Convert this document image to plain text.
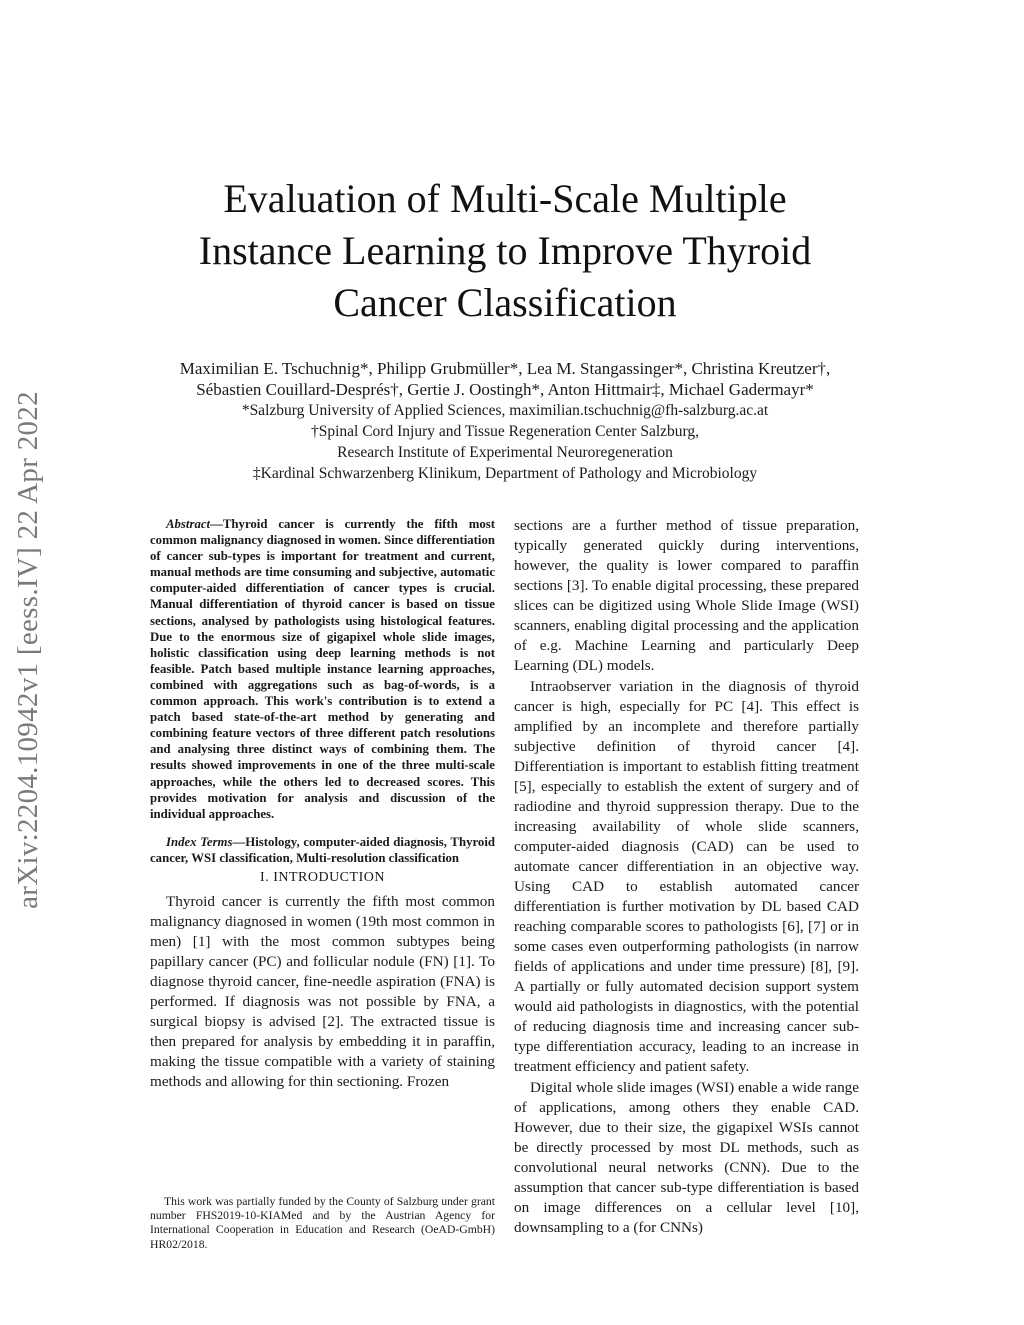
arXiv:2204.10942v1 [eess.IV] 22 Apr 2022
Evaluation of Multi-Scale Multiple
Instance Learning to Improve Thyroid
Cancer Classification
Maximilian E. Tschuchnig*, Philipp Grubmüller*, Lea M. Stangassinger*, Christina Kreutzer†,
Sébastien Couillard-Després†, Gertie J. Oostingh*, Anton Hittmair‡, Michael Gadermayr*
*Salzburg University of Applied Sciences, maximilian.tschuchnig@fh-salzburg.ac.at
†Spinal Cord Injury and Tissue Regeneration Center Salzburg,
Research Institute of Experimental Neuroregeneration
‡Kardinal Schwarzenberg Klinikum, Department of Pathology and Microbiology

Abstract—Thyroid cancer is currently the fifth most common malignancy diagnosed in women. Since differentiation of cancer sub-types is important for treatment and current, manual methods are time consuming and subjective, automatic computer-aided differentiation of cancer types is crucial. Manual differentiation of thyroid cancer is based on tissue sections, analysed by pathologists using histological features. Due to the enormous size of gigapixel whole slide images, holistic classification using deep learning methods is not feasible. Patch based multiple instance learning approaches, combined with aggregations such as bag-of-words, is a common approach. This work's contribution is to extend a patch based state-of-the-art method by generating and combining feature vectors of three different patch resolutions and analysing three distinct ways of combining them. The results showed improvements in one of the three multi-scale approaches, while the others led to decreased scores. This provides motivation for analysis and discussion of the individual approaches.

Index Terms—Histology, computer-aided diagnosis, Thyroid cancer, WSI classification, Multi-resolution classification

I. INTRODUCTION

Thyroid cancer is currently the fifth most common malignancy diagnosed in women (19th most common in men) [1] with the most common subtypes being papillary cancer (PC) and follicular nodule (FN) [1]. To diagnose thyroid cancer, fine-needle aspiration (FNA) is performed. If diagnosis was not possible by FNA, a surgical biopsy is advised [2]. The extracted tissue is then prepared for analysis by embedding it in paraffin, making the tissue compatible with a variety of staining methods and allowing for thin sectioning. Frozen

This work was partially funded by the County of Salzburg under grant number FHS2019-10-KIAMed and by the Austrian Agency for International Cooperation in Education and Research (OeAD-GmbH) HR02/2018.

sections are a further method of tissue preparation, typically generated quickly during interventions, however, the quality is lower compared to paraffin sections [3]. To enable digital processing, these prepared slices can be digitized using Whole Slide Image (WSI) scanners, enabling digital processing and the application of e.g. Machine Learning and particularly Deep Learning (DL) models.

Intraobserver variation in the diagnosis of thyroid cancer is high, especially for PC [4]. This effect is amplified by an incomplete and therefore partially subjective definition of thyroid cancer [4]. Differentiation is important to establish fitting treatment [5], especially to establish the extent of surgery and of radiodine and thyroid suppression therapy. Due to the increasing availability of whole slide scanners, computer-aided diagnosis (CAD) can be used to automate cancer differentiation in an objective way. Using CAD to establish automated cancer differentiation is further motivation by DL based CAD reaching comparable scores to pathologists [6], [7] or in some cases even outperforming pathologists (in narrow fields of applications and under time pressure) [8], [9]. A partially or fully automated decision support system would aid pathologists in diagnostics, with the potential of reducing diagnosis time and increasing cancer sub-type differentiation accuracy, leading to an increase in treatment efficiency and patient safety.

Digital whole slide images (WSI) enable a wide range of applications, among others they enable CAD. However, due to their size, the gigapixel WSIs cannot be directly processed by most DL methods, such as convolutional neural networks (CNN). Due to the assumption that cancer sub-type differentiation is based on image differences on a cellular level [10], downsampling to a (for CNNs)
